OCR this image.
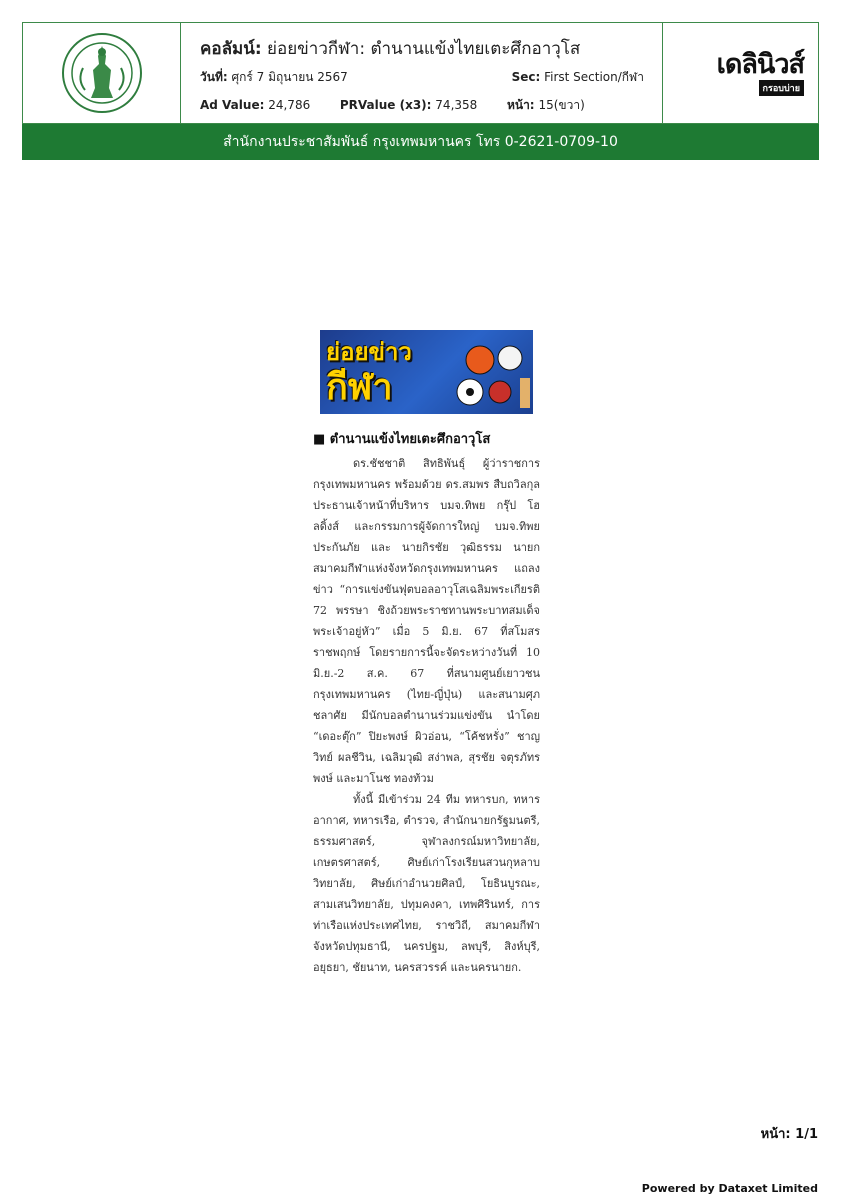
คอลัมน์: ย่อยข่าวกีฬา: ตำนานแข้งไทยเตะศึกอาวุโส
วันที่: ศุกร์ 7 มิถุนายน 2567	Sec: First Section/กีฬา
Ad Value: 24,786 PRValue (x3): 74,358 หน้า: 15(ขวา)
เดลินิวส์
กรอบบ่าย
สำนักงานประชาสัมพันธ์ กรุงเทพมหานคร โทร 0-2621-0709-10
ย่อยข่าว
กีฬา
■ ตำนานแข้งไทยเตะศึกอาวุโส

ดร.ชัชชาติ สิทธิพันธุ์ ผู้ว่าราชการกรุงเทพมหานคร พร้อมด้วย ดร.สมพร สืบถวิลกุล ประธานเจ้าหน้าที่บริหาร บมจ.ทิพย กรุ๊ป โฮลดิ้งส์ และกรรมการผู้จัดการใหญ่ บมจ.ทิพยประกันภัย และ นายกิรชัย วุฒิธรรม นายกสมาคมกีฬาแห่งจังหวัดกรุงเทพมหานคร แถลงข่าว “การแข่งขันฟุตบอลอาวุโสเฉลิมพระเกียรติ 72 พรรษา ชิงถ้วยพระราชทานพระบาทสมเด็จพระเจ้าอยู่หัว” เมื่อ 5 มิ.ย. 67 ที่สโมสรราชพฤกษ์ โดยรายการนี้จะจัดระหว่างวันที่ 10 มิ.ย.-2 ส.ค. 67 ที่สนามศูนย์เยาวชนกรุงเทพมหานคร (ไทย-ญี่ปุ่น) และสนามศุภชลาศัย มีนักบอลตำนานร่วมแข่งขัน นำโดย “เดอะตุ๊ก” ปิยะพงษ์ ผิวอ่อน, “โค้ชหรั่ง” ชาญวิทย์ ผลชีวิน, เฉลิมวุฒิ สง่าพล, สุรชัย จตุรภัทรพงษ์ และมาโนช ทองท้วม

ทั้งนี้ มีเข้าร่วม 24 ทีม ทหารบก, ทหารอากาศ, ทหารเรือ, ตำรวจ, สำนักนายกรัฐมนตรี, ธรรมศาสตร์, จุฬาลงกรณ์มหาวิทยาลัย, เกษตรศาสตร์, ศิษย์เก่าโรงเรียนสวนกุหลาบวิทยาลัย, ศิษย์เก่าอำนวยศิลป์, โยธินบูรณะ, สามเสนวิทยาลัย, ปทุมคงคา, เทพศิรินทร์, การท่าเรือแห่งประเทศไทย, ราชวิถี, สมาคมกีฬาจังหวัดปทุมธานี, นครปฐม, ลพบุรี, สิงห์บุรี, อยุธยา, ชัยนาท, นครสวรรค์ และนครนายก.

หน้า: 1/1
Powered by Dataxet Limited
